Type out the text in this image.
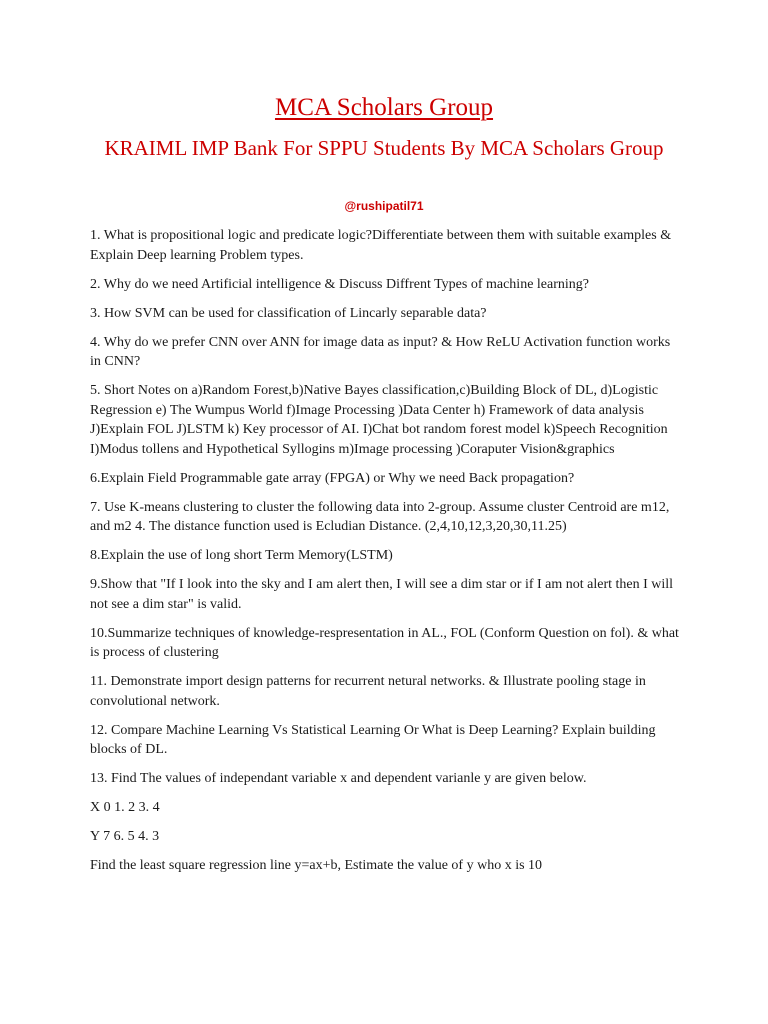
MCA Scholars Group
KRAIML IMP Bank For SPPU Students By MCA Scholars Group
@rushipatil71

1. What is propositional logic and predicate logic?Differentiate between them with suitable examples & Explain Deep learning Problem types.

2. Why do we need Artificial intelligence & Discuss Diffrent Types of machine learning?

3. How SVM can be used for classification of Lincarly separable data?

4. Why do we prefer CNN over ANN for image data as input? & How ReLU Activation function works in CNN?

5. Short Notes on a)Random Forest,b)Native Bayes classification,c)Building Block of DL, d)Logistic Regression e) The Wumpus World f)Image Processing )Data Center h) Framework of data analysis J)Explain FOL J)LSTM k) Key processor of AI. I)Chat bot random forest model k)Speech Recognition I)Modus tollens and Hypothetical Syllogins m)Image processing )Coraputer Vision&graphics

6.Explain Field Programmable gate array (FPGA) or Why we need Back propagation?

7. Use K-means clustering to cluster the following data into 2-group. Assume cluster Centroid are m12, and m2 4. The distance function used is Ecludian Distance. (2,4,10,12,3,20,30,11.25)

8.Explain the use of long short Term Memory(LSTM)

9.Show that "If I look into the sky and I am alert then, I will see a dim star or if I am not alert then I will not see a dim star" is valid.

10.Summarize techniques of knowledge-respresentation in AL., FOL (Conform Question on fol). & what is process of clustering

11. Demonstrate import design patterns for recurrent netural networks. & Illustrate pooling stage in convolutional network.

12. Compare Machine Learning Vs Statistical Learning Or What is Deep Learning? Explain building blocks of DL.

13. Find The values of independant variable x and dependent varianle y are given below.

X 0 1. 2 3. 4

Y 7 6. 5 4. 3

Find the least square regression line y=ax+b, Estimate the value of y who x is 10
